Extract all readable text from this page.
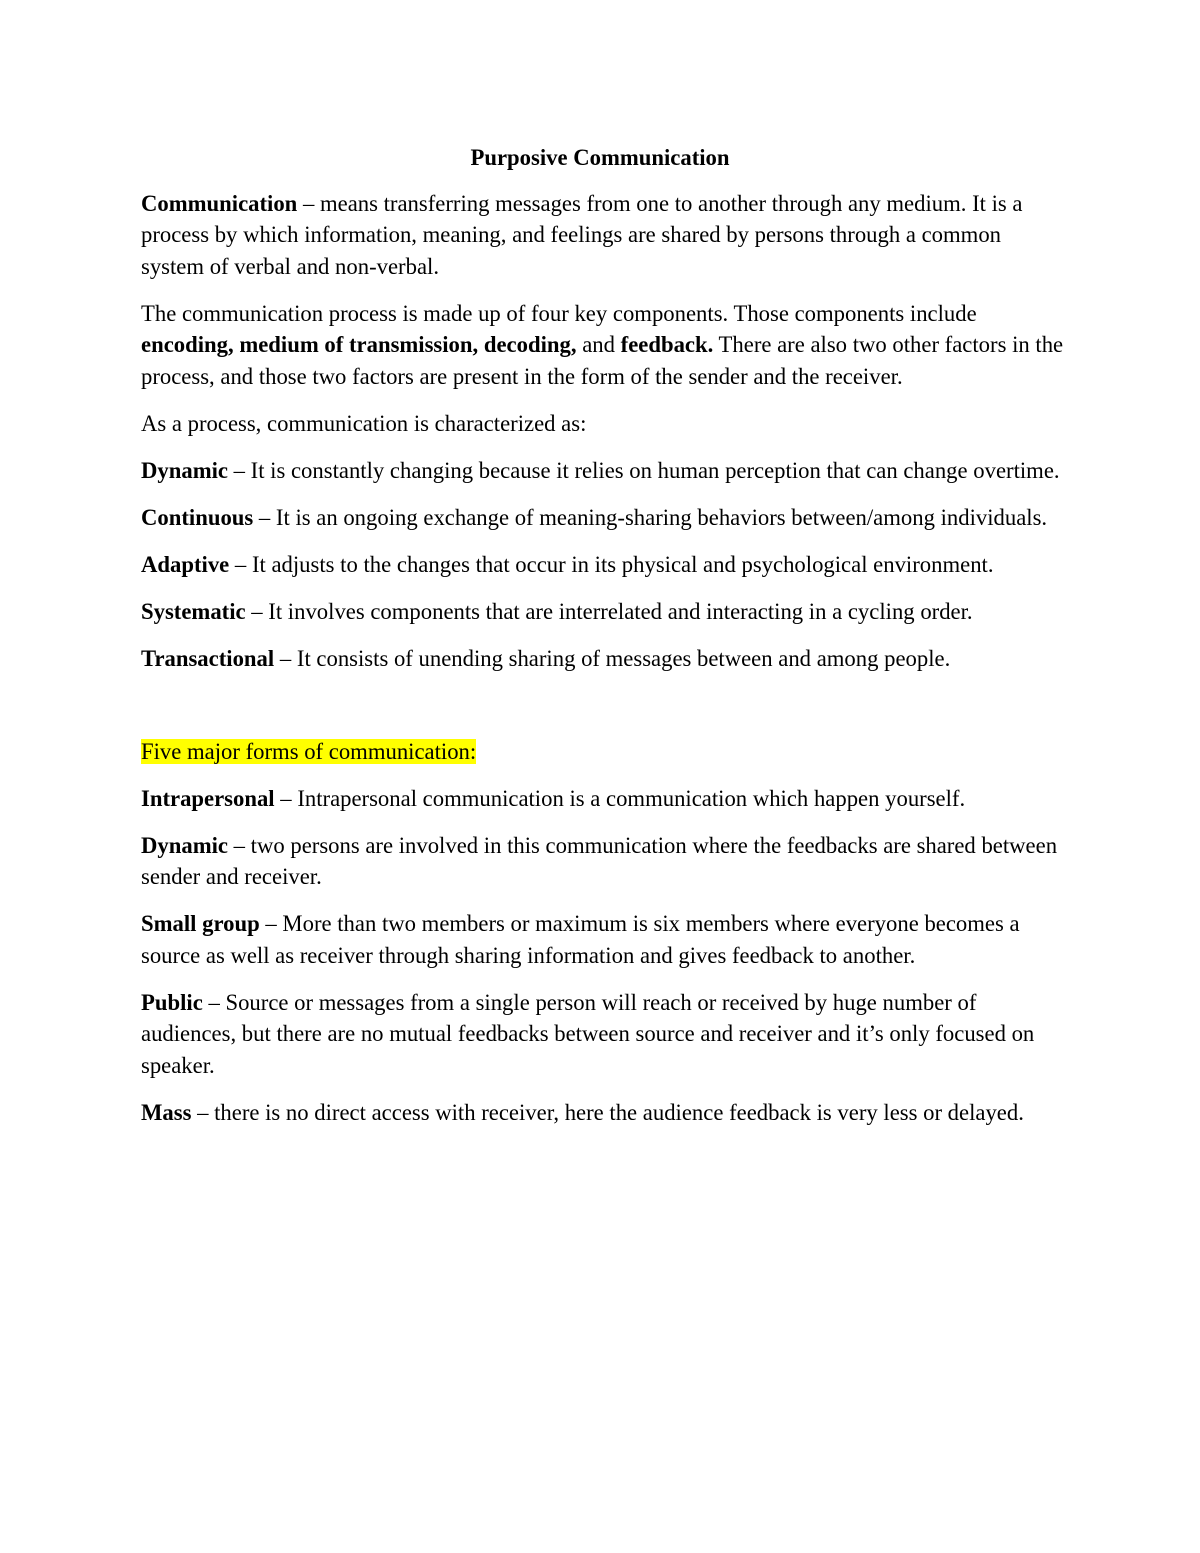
Purposive Communication

Communication – means transferring messages from one to another through any medium. It is a process by which information, meaning, and feelings are shared by persons through a common system of verbal and non-verbal.

The communication process is made up of four key components. Those components include encoding, medium of transmission, decoding, and feedback. There are also two other factors in the process, and those two factors are present in the form of the sender and the receiver.

As a process, communication is characterized as:

Dynamic – It is constantly changing because it relies on human perception that can change overtime.

Continuous – It is an ongoing exchange of meaning-sharing behaviors between/among individuals.

Adaptive – It adjusts to the changes that occur in its physical and psychological environment.

Systematic – It involves components that are interrelated and interacting in a cycling order.

Transactional – It consists of unending sharing of messages between and among people.

Five major forms of communication:

Intrapersonal – Intrapersonal communication is a communication which happen yourself.

Dynamic – two persons are involved in this communication where the feedbacks are shared between sender and receiver.

Small group – More than two members or maximum is six members where everyone becomes a source as well as receiver through sharing information and gives feedback to another.

Public – Source or messages from a single person will reach or received by huge number of audiences, but there are no mutual feedbacks between source and receiver and it’s only focused on speaker.

Mass – there is no direct access with receiver, here the audience feedback is very less or delayed.
